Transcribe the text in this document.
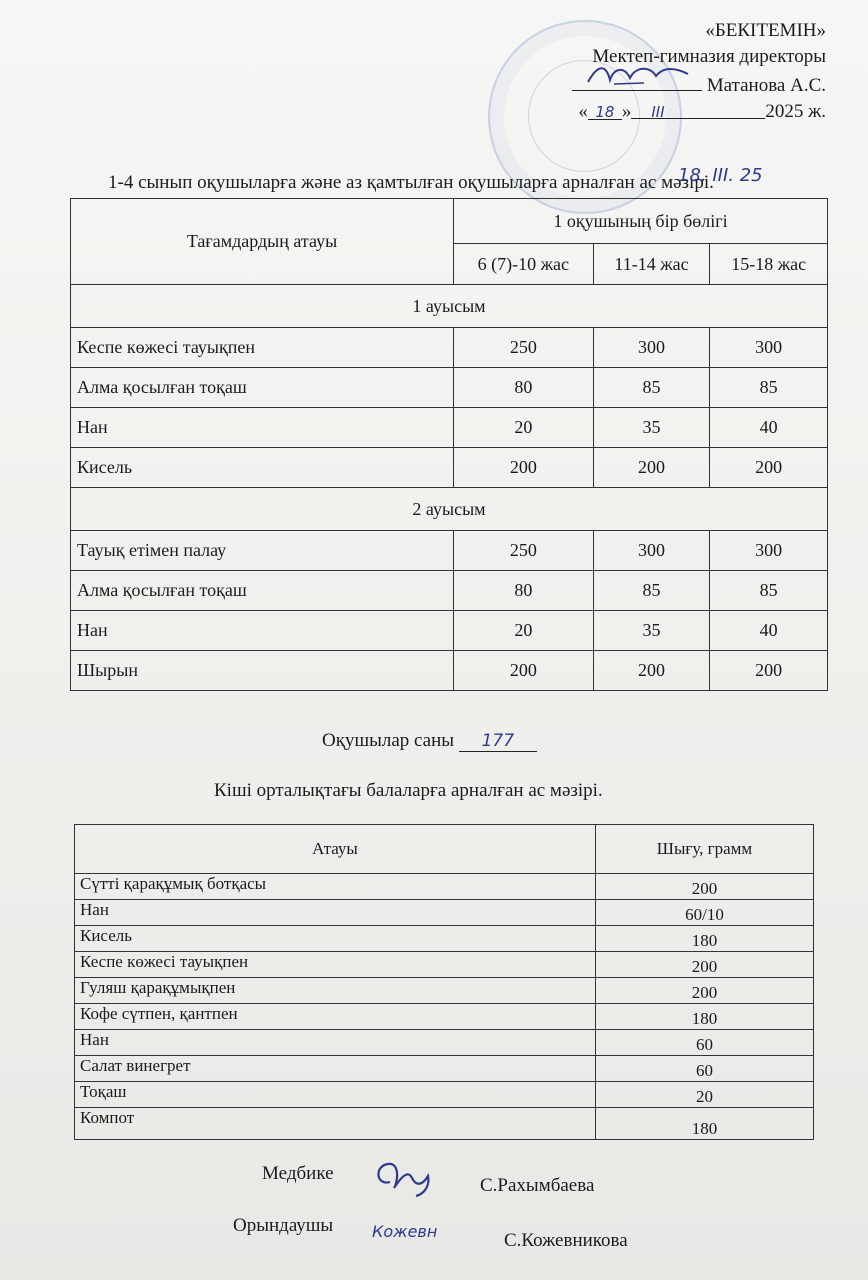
«БЕКІТЕМІН»
Мектеп-гимназия директоры
Матанова А.С.
« 18 » III	2025 ж.
1-4 сынып оқушыларға және аз қамтылған оқушыларға арналған ас мәзірі.
18. III. 25
Тағамдардың атауы	1 оқушының бір бөлігі		
	6 (7)-10 жас	11-14 жас	15-18 жас
1 ауысым			
Кеспе көжесі тауықпен	250	300	300
Алма қосылған тоқаш	80	85	85
Нан	20	35	40
Кисель	200	200	200
2 ауысым			
Тауық етімен палау	250	300	300
Алма қосылған тоқаш	80	85	85
Нан	20	35	40
Шырын	200	200	200
Оқушылар саны 177
Кіші орталықтағы балаларға арналған ас мәзірі.
Атауы	Шығу, грамм
Сүтті қарақұмық ботқасы	200
Нан	60/10
Кисель	180
Кеспе көжесі тауықпен	200
Гуляш қарақұмықпен	200
Кофе сүтпен, қантпен	180
Нан	60
Салат винегрет	60
Тоқаш	20
Компот	180
Медбике
С.Рахымбаева
Орындаушы Кожевн	С.Кожевникова
